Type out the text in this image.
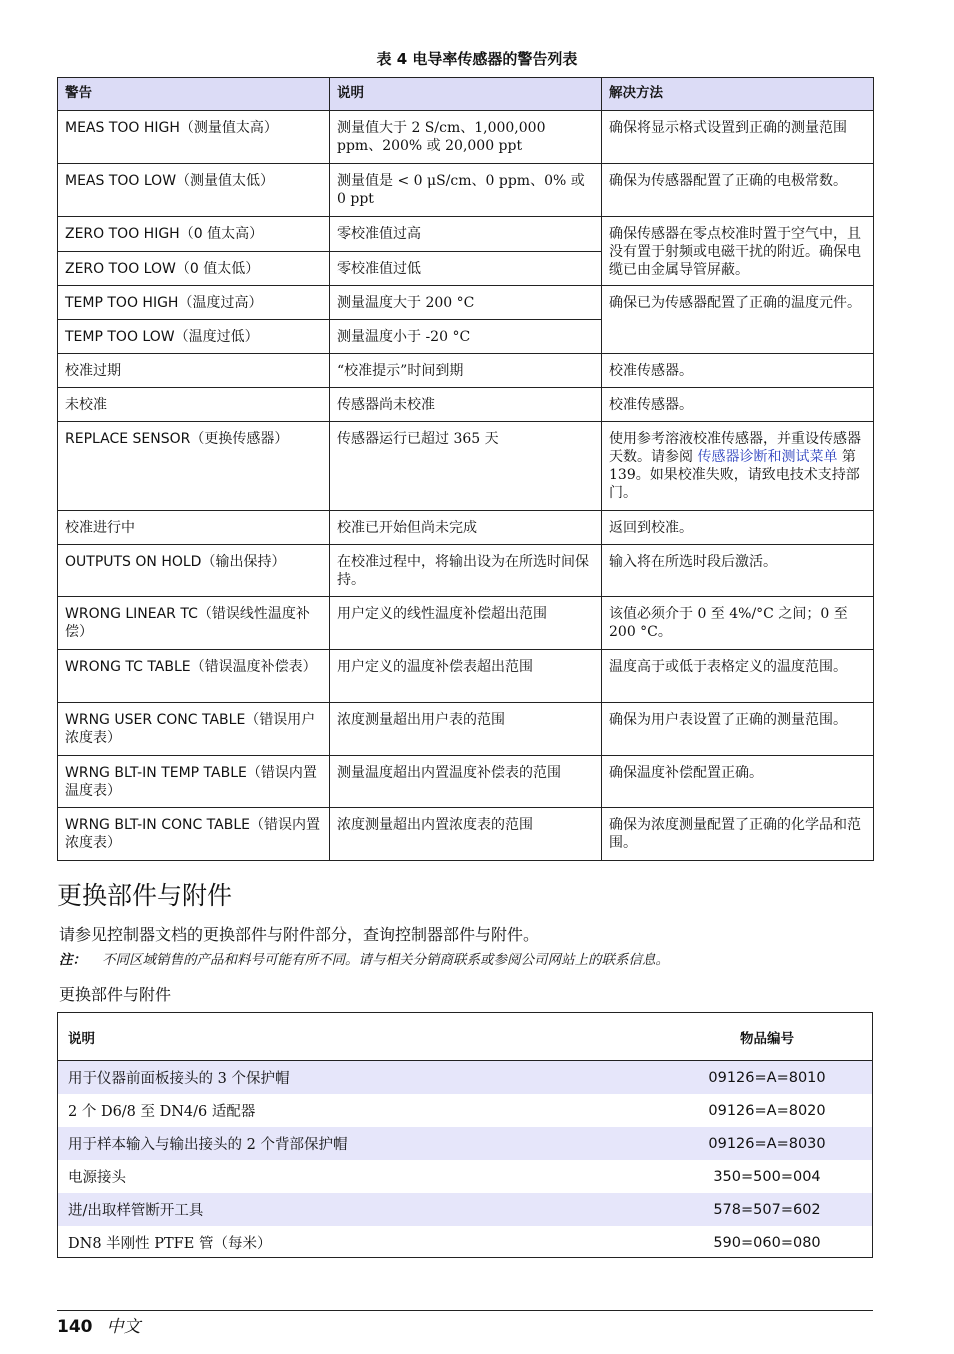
表 4 电导率传感器的警告列表
警告	说明	解决方法
MEAS TOO HIGH（测量值太高）	测量值大于 2 S/cm、1,000,000 ppm、200% 或 20,000 ppt	确保将显示格式设置到正确的测量范围
MEAS TOO LOW（测量值太低）	测量值是 < 0 μS/cm、0 ppm、0% 或 0 ppt	确保为传感器配置了正确的电极常数。
ZERO TOO HIGH（0 值太高）	零校准值过高	确保传感器在零点校准时置于空气中，且没有置于射频或电磁干扰的附近。确保电缆已由金属导管屏蔽。
ZERO TOO LOW（0 值太低）	零校准值过低	
TEMP TOO HIGH（温度过高）	测量温度大于 200 °C	确保已为传感器配置了正确的温度元件。
TEMP TOO LOW（温度过低）	测量温度小于 -20 °C	
校准过期	“校准提示”时间到期	校准传感器。
未校准	传感器尚未校准	校准传感器。
REPLACE SENSOR（更换传感器）	传感器运行已超过 365 天	使用参考溶液校准传感器，并重设传感器天数。请参阅 传感器诊断和测试菜单 第 139。如果校准失败，请致电技术支持部门。
校准进行中	校准已开始但尚未完成	返回到校准。
OUTPUTS ON HOLD（输出保持）	在校准过程中，将输出设为在所选时间保持。	输入将在所选时段后激活。
WRONG LINEAR TC（错误线性温度补偿）	用户定义的线性温度补偿超出范围	该值必须介于 0 至 4%/°C 之间；0 至 200 °C。
WRONG TC TABLE（错误温度补偿表）	用户定义的温度补偿表超出范围	温度高于或低于表格定义的温度范围。
WRNG USER CONC TABLE（错误用户浓度表）	浓度测量超出用户表的范围	确保为用户表设置了正确的测量范围。
WRNG BLT-IN TEMP TABLE（错误内置温度表）	测量温度超出内置温度补偿表的范围	确保温度补偿配置正确。
WRNG BLT-IN CONC TABLE（错误内置浓度表）	浓度测量超出内置浓度表的范围	确保为浓度测量配置了正确的化学品和范围。
更换部件与附件
请参见控制器文档的更换部件与附件部分，查询控制器部件与附件。
注： 不同区域销售的产品和料号可能有所不同。请与相关分销商联系或参阅公司网站上的联系信息。
更换部件与附件
说明	物品编号
用于仪器前面板接头的 3 个保护帽	09126=A=8010
2 个 D6/8 至 DN4/6 适配器	09126=A=8020
用于样本输入与输出接头的 2 个背部保护帽	09126=A=8030
电源接头	350=500=004
进/出取样管断开工具	578=507=602
DN8 半刚性 PTFE 管（每米）	590=060=080
140 中文
